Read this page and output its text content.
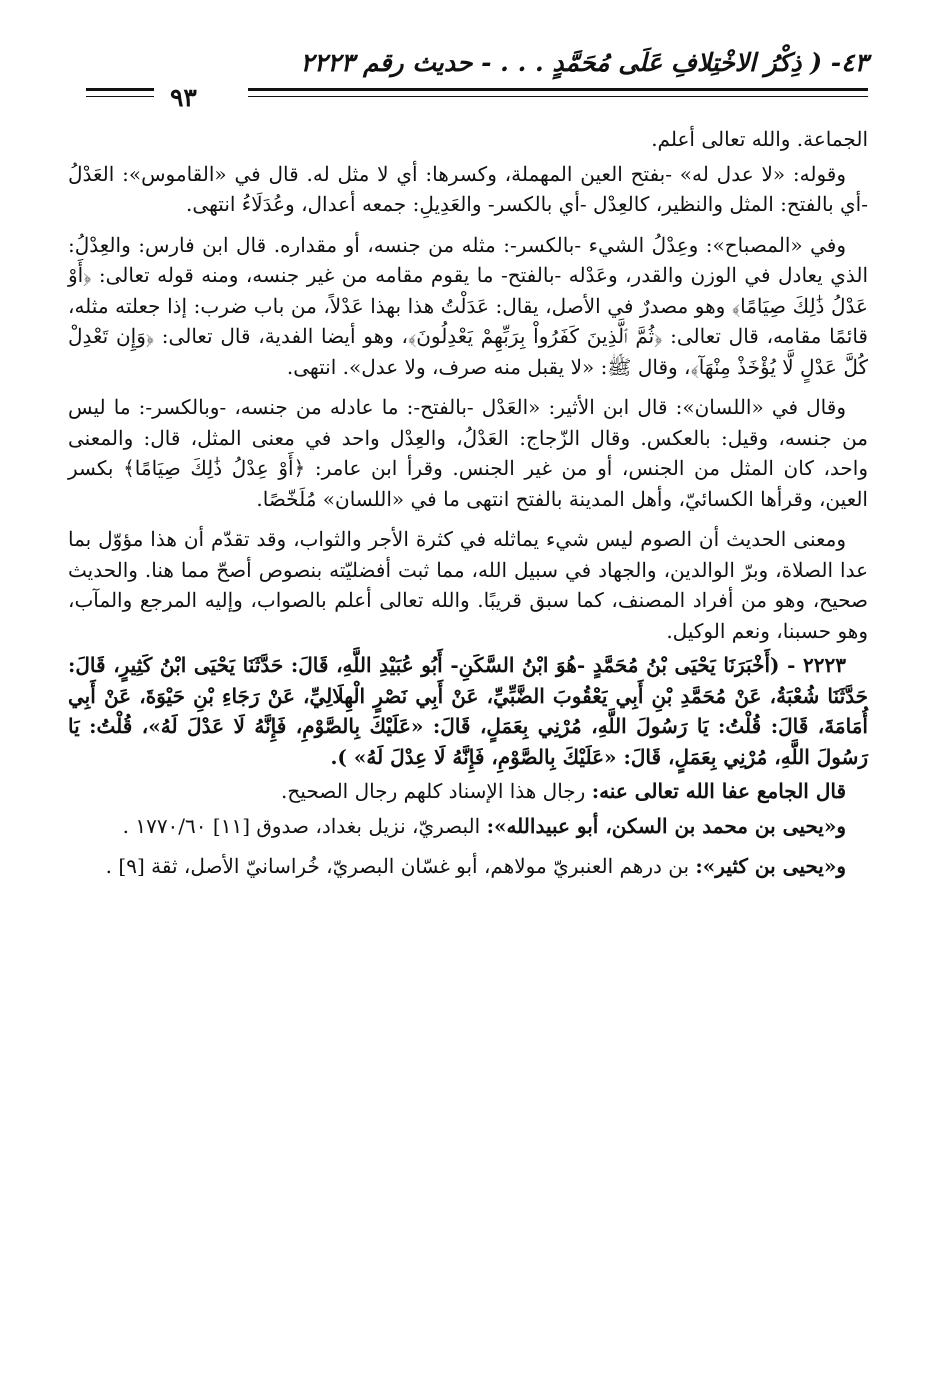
٤٣- ( ذِكْرُ الاخْتِلافِ عَلَى مُحَمَّدٍ . . . - حديث رقم ٢٢٢٣
٩٣

الجماعة. والله تعالى أعلم.

وقوله: «لا عدل له» -بفتح العين المهملة، وكسرها: أي لا مثل له. قال في «القاموس»: العَدْلُ -أي بالفتح: المثل والنظير، كالعِدْل -أي بالكسر- والعَدِيلِ: جمعه أعدال، وعُدَلَاءُ انتهى.

وفي «المصباح»: وعِدْلُ الشيء -بالكسر-: مثله من جنسه، أو مقداره. قال ابن فارس: والعِدْلُ: الذي يعادل في الوزن والقدر، وعَدْله -بالفتح- ما يقوم مقامه من غير جنسه، ومنه قوله تعالى: ﴿أَوْ عَدْلُ ذَٰلِكَ صِيَامًا﴾ وهو مصدرٌ في الأصل، يقال: عَدَلْتُ هذا بهذا عَدْلاً، من باب ضرب: إذا جعلته مثله، قائمًا مقامه، قال تعالى: ﴿ثُمَّ ٱلَّذِينَ كَفَرُواْ بِرَبِّهِمْ يَعْدِلُونَ﴾، وهو أيضا الفدية، قال تعالى: ﴿وَإِن تَعْدِلْ كُلَّ عَدْلٍ لَّا يُؤْخَذْ مِنْهَآ﴾، وقال ﷺ: «لا يقبل منه صرف، ولا عدل». انتهى.

وقال في «اللسان»: قال ابن الأثير: «العَدْل -بالفتح-: ما عادله من جنسه، -وبالكسر-: ما ليس من جنسه، وقيل: بالعكس. وقال الزّجاج: العَدْلُ، والعِدْل واحد في معنى المثل، قال: والمعنى واحد، كان المثل من الجنس، أو من غير الجنس. وقرأ ابن عامر: ﴿أَوْ عِدْلُ ذَٰلِكَ صِيَامًا﴾ بكسر العين، وقرأها الكسائيّ، وأهل المدينة بالفتح انتهى ما في «اللسان» مُلَخّصًا.

ومعنى الحديث أن الصوم ليس شيء يماثله في كثرة الأجر والثواب، وقد تقدّم أن هذا مؤوّل بما عدا الصلاة، وبرّ الوالدين، والجهاد في سبيل الله، مما ثبت أفضليّته بنصوص أصحّ مما هنا. والحديث صحيح، وهو من أفراد المصنف، كما سبق قريبًا. والله تعالى أعلم بالصواب، وإليه المرجع والمآب، وهو حسبنا، ونعم الوكيل.

٢٢٢٣ - (أَخْبَرَنَا يَحْيَى بْنُ مُحَمَّدٍ -هُوَ ابْنُ السَّكَنِ- أَبُو عُبَيْدِ اللَّهِ، قَالَ: حَدَّثَنَا يَحْيَى ابْنُ كَثِيرٍ، قَالَ: حَدَّثَنَا شُعْبَةُ، عَنْ مُحَمَّدِ بْنِ أَبِي يَعْقُوبَ الضَّبِّيِّ، عَنْ أَبِي نَصْرٍ الْهِلَالِيِّ، عَنْ رَجَاءِ بْنِ حَيْوَةَ، عَنْ أَبِي أُمَامَةَ، قَالَ: قُلْتُ: يَا رَسُولَ اللَّهِ، مُرْنِي بِعَمَلٍ، قَالَ: «عَلَيْكَ بِالصَّوْمِ، فَإِنَّهُ لَا عَدْلَ لَهُ»، قُلْتُ: يَا رَسُولَ اللَّهِ، مُرْنِي بِعَمَلٍ، قَالَ: «عَلَيْكَ بِالصَّوْمِ، فَإِنَّهُ لَا عِدْلَ لَهُ» ).

قال الجامع عفا الله تعالى عنه: رجال هذا الإسناد كلهم رجال الصحيح.

و«يحيى بن محمد بن السكن، أبو عبيدالله»: البصريّ، نزيل بغداد، صدوق [١١] ١٧٧٠/٦٠ .

و«يحيى بن كثير»: بن درهم العنبريّ مولاهم، أبو غسّان البصريّ، خُراسانيّ الأصل، ثقة [٩] .
